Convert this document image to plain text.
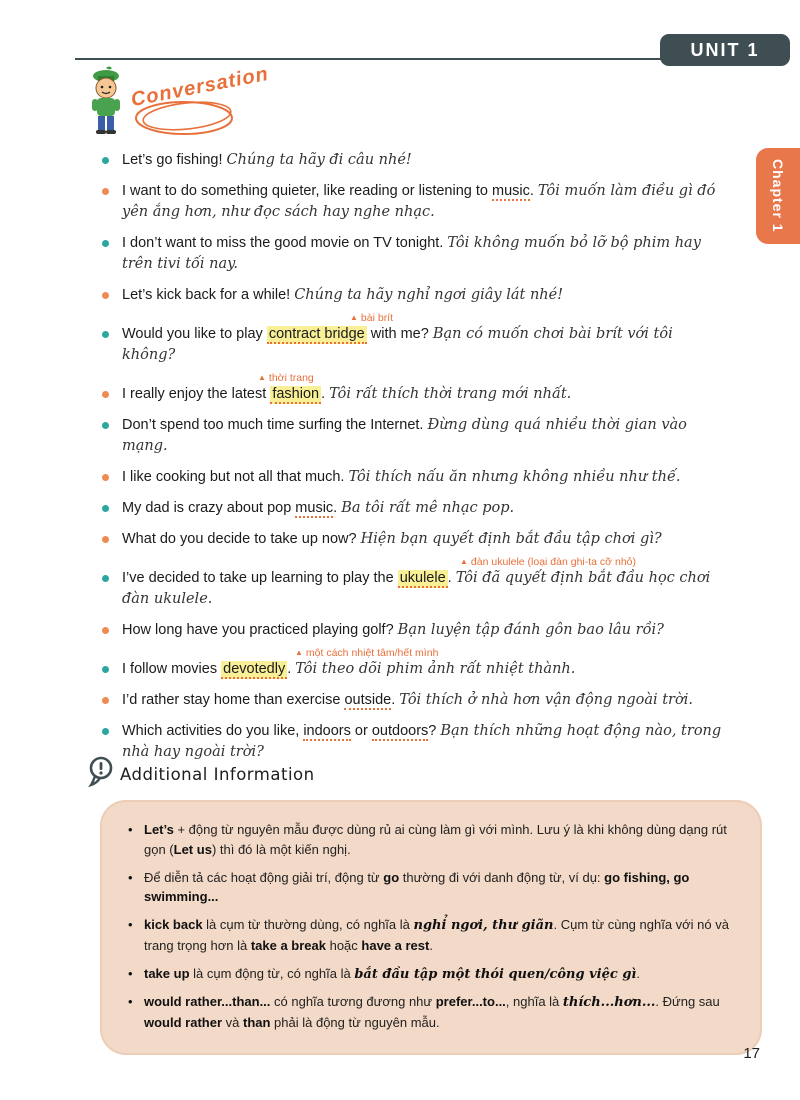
UNIT 1
Chapter 1
Conversation
Let’s go fishing! Chúng ta hãy đi câu nhé!
I want to do something quieter, like reading or listening to music. Tôi muốn làm điều gì đó yên ắng hơn, như đọc sách hay nghe nhạc.
I don’t want to miss the good movie on TV tonight. Tôi không muốn bỏ lỡ bộ phim hay trên tivi tối nay.
Let’s kick back for a while! Chúng ta hãy nghỉ ngơi giây lát nhé!
▲ bài brít
Would you like to play contract bridge with me? Bạn có muốn chơi bài brít với tôi không?
▲ thời trang
I really enjoy the latest fashion . Tôi rất thích thời trang mới nhất.
Don’t spend too much time surfing the Internet. Đừng dùng quá nhiều thời gian vào mạng.
I like cooking but not all that much. Tôi thích nấu ăn nhưng không nhiều như thế.
My dad is crazy about pop music. Ba tôi rất mê nhạc pop.
What do you decide to take up now? Hiện bạn quyết định bắt đầu tập chơi gì?
▲ đàn ukulele (loại đàn ghi-ta cỡ nhỏ)
I’ve decided to take up learning to play the ukulele . Tôi đã quyết định bắt đầu học chơi đàn ukulele.
How long have you practiced playing golf? Bạn luyện tập đánh gôn bao lâu rồi?
▲ một cách nhiệt tâm/hết mình
I follow movies devotedly . Tôi theo dõi phim ảnh rất nhiệt thành.
I’d rather stay home than exercise outside. Tôi thích ở nhà hơn vận động ngoài trời.
Which activities do you like, indoors or outdoors? Bạn thích những hoạt động nào, trong nhà hay ngoài trời?
Additional Information
• Let’s + động từ nguyên mẫu được dùng rủ ai cùng làm gì với mình. Lưu ý là khi không dùng dạng rút gọn (Let us) thì đó là một kiến nghị.
• Để diễn tả các hoạt động giải trí, động từ go thường đi với danh động từ, ví dụ: go fishing, go swimming...
• kick back là cụm từ thường dùng, có nghĩa là nghỉ ngơi, thư giãn. Cụm từ cùng nghĩa với nó và trang trọng hơn là take a break hoặc have a rest.
• take up là cụm động từ, có nghĩa là bắt đầu tập một thói quen/công việc gì.
• would rather...than... có nghĩa tương đương như prefer...to..., nghĩa là thích...hơn.... Đứng sau would rather và than phải là động từ nguyên mẫu.
17
